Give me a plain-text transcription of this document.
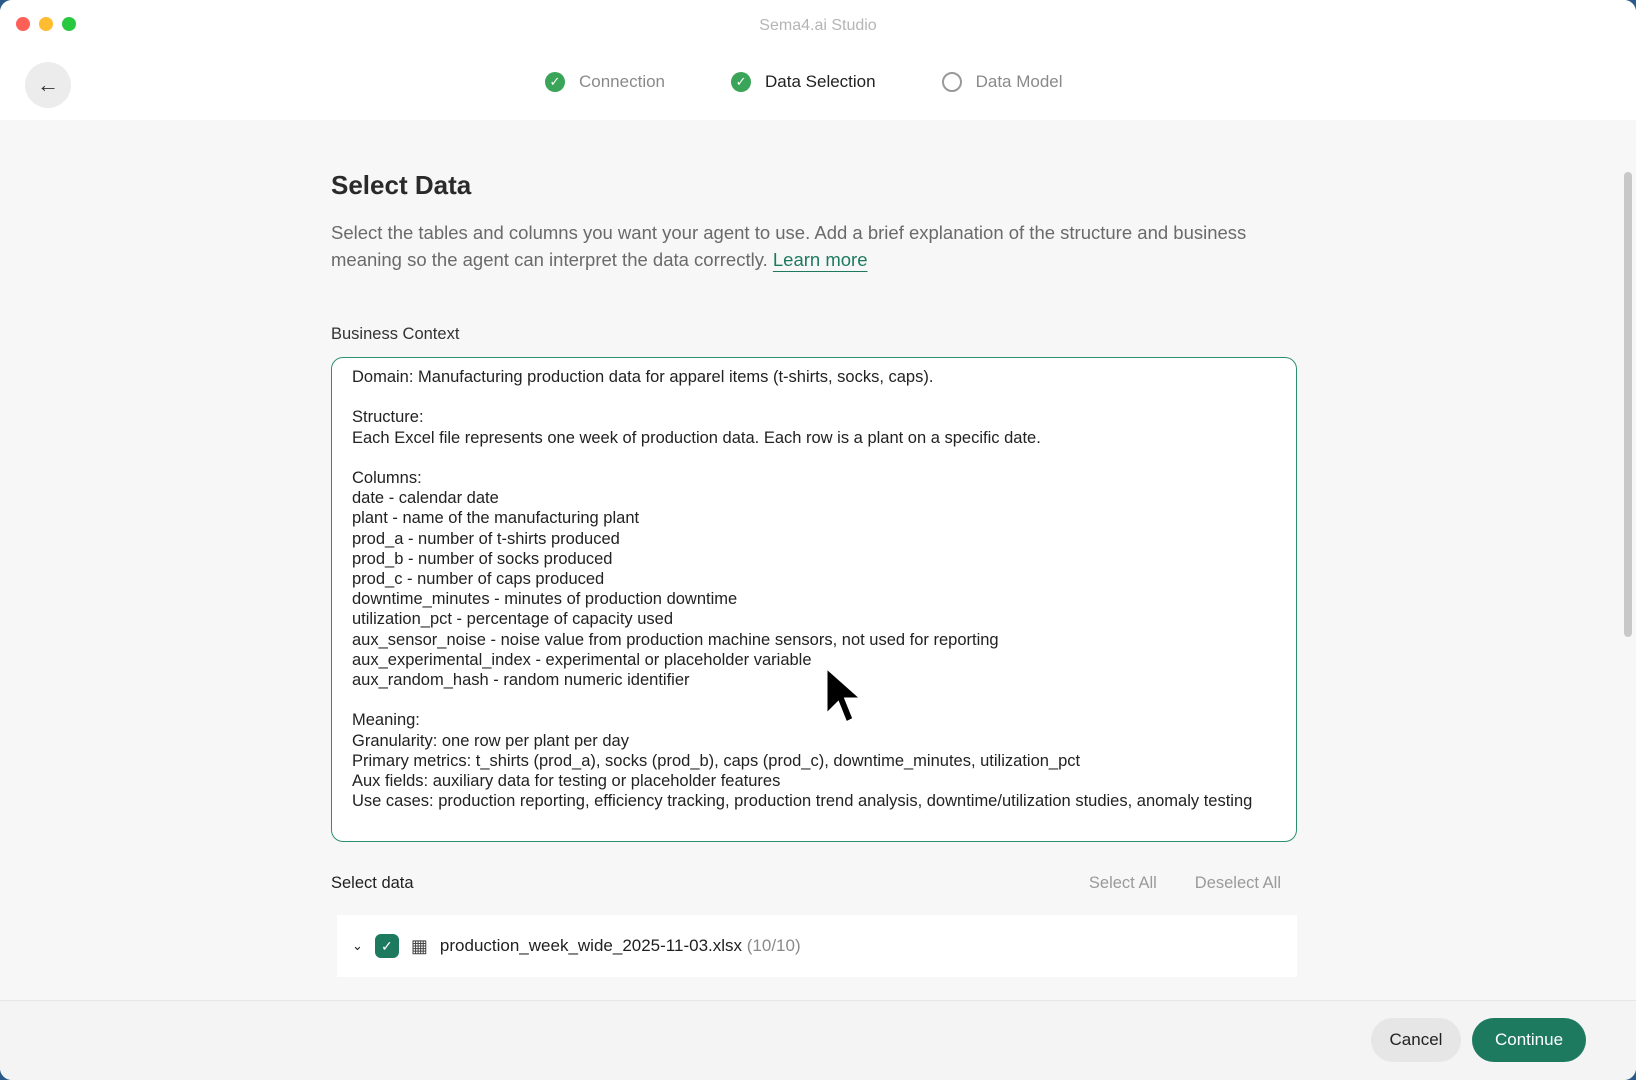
Sema4.ai Studio
←	✓ Connection	✓ Data Selection	Data Model
Select Data

Select the tables and columns you want your agent to use. Add a brief explanation of the structure and business meaning so the agent can interpret the data correctly. Learn more

Business Context
Domain: Manufacturing production data for apparel items (t-shirts, socks, caps).

Structure:
Each Excel file represents one week of production data. Each row is a plant on a specific date.

Columns:
date - calendar date
plant - name of the manufacturing plant
prod_a - number of t-shirts produced
prod_b - number of socks produced
prod_c - number of caps produced
downtime_minutes - minutes of production downtime
utilization_pct - percentage of capacity used
aux_sensor_noise - noise value from production machine sensors, not used for reporting
aux_experimental_index - experimental or placeholder variable
aux_random_hash - random numeric identifier

Meaning:
Granularity: one row per plant per day
Primary metrics: t_shirts (prod_a), socks (prod_b), caps (prod_c), downtime_minutes, utilization_pct
Aux fields: auxiliary data for testing or placeholder features
Use cases: production reporting, efficiency tracking, production trend analysis, downtime/utilization studies, anomaly testing
Select data	Select All Deselect All
⌄	✓	▦ production_week_wide_2025-11-03.xlsx (10/10)
Cancel	Continue
